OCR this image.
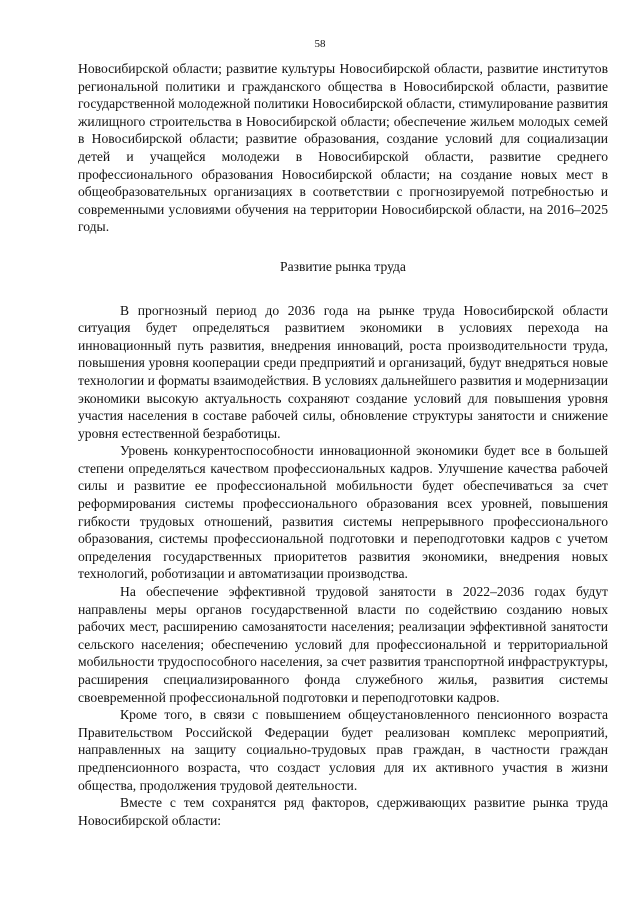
58

Новосибирской области; развитие культуры Новосибирской области, развитие институтов региональной политики и гражданского общества в Новосибирской области, развитие государственной молодежной политики Новосибирской области, стимулирование развития жилищного строительства в Новосибирской области; обеспечение жильем молодых семей в Новосибирской области; развитие образования, создание условий для социализации детей и учащейся молодежи в Новосибирской области, развитие среднего профессионального образования Новосибирской области; на создание новых мест в общеобразовательных организациях в соответствии с прогнозируемой потребностью и современными условиями обучения на территории Новосибирской области, на 2016–2025 годы.

Развитие рынка труда

В прогнозный период до 2036 года на рынке труда Новосибирской области ситуация будет определяться развитием экономики в условиях перехода на инновационный путь развития, внедрения инноваций, роста производительности труда, повышения уровня кооперации среди предприятий и организаций, будут внедряться новые технологии и форматы взаимодействия. В условиях дальнейшего развития и модернизации экономики высокую актуальность сохраняют создание условий для повышения уровня участия населения в составе рабочей силы, обновление структуры занятости и снижение уровня естественной безработицы.

Уровень конкурентоспособности инновационной экономики будет все в большей степени определяться качеством профессиональных кадров. Улучшение качества рабочей силы и развитие ее профессиональной мобильности будет обеспечиваться за счет реформирования системы профессионального образования всех уровней, повышения гибкости трудовых отношений, развития системы непрерывного профессионального образования, системы профессиональной подготовки и переподготовки кадров с учетом определения государственных приоритетов развития экономики, внедрения новых технологий, роботизации и автоматизации производства.

На обеспечение эффективной трудовой занятости в 2022–2036 годах будут направлены меры органов государственной власти по содействию созданию новых рабочих мест, расширению самозанятости населения; реализации эффективной занятости сельского населения; обеспечению условий для профессиональной и территориальной мобильности трудоспособного населения, за счет развития транспортной инфраструктуры, расширения специализированного фонда служебного жилья, развития системы своевременной профессиональной подготовки и переподготовки кадров.

Кроме того, в связи с повышением общеустановленного пенсионного возраста Правительством Российской Федерации будет реализован комплекс мероприятий, направленных на защиту социально-трудовых прав граждан, в частности граждан предпенсионного возраста, что создаст условия для их активного участия в жизни общества, продолжения трудовой деятельности.

Вместе с тем сохранятся ряд факторов, сдерживающих развитие рынка труда Новосибирской области:
